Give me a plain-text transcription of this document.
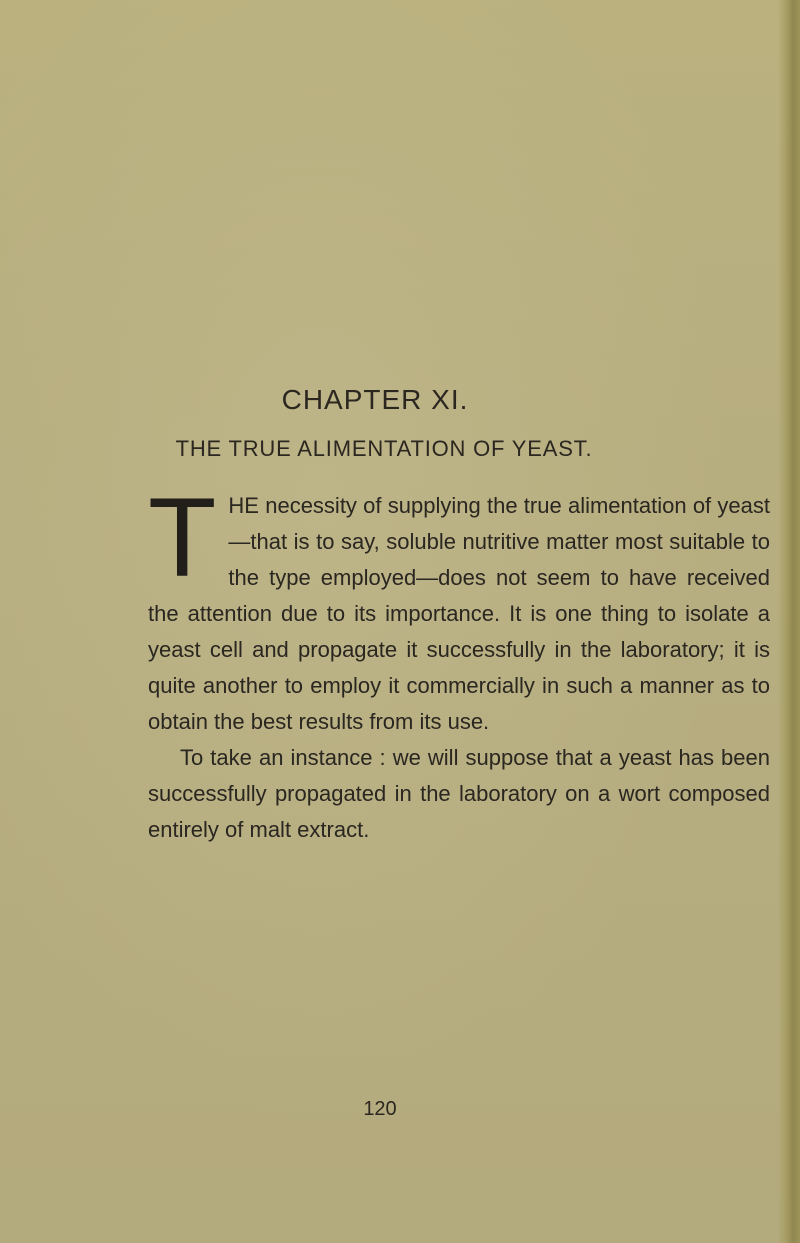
CHAPTER XI.
THE TRUE ALIMENTATION OF YEAST.

THE necessity of supplying the true alimentation of yeast—that is to say, soluble nutritive matter most suitable to the type employed—does not seem to have received the attention due to its importance. It is one thing to isolate a yeast cell and propagate it successfully in the laboratory; it is quite another to employ it commercially in such a manner as to obtain the best results from its use.

To take an instance : we will suppose that a yeast has been successfully propagated in the laboratory on a wort composed entirely of malt extract.

120
